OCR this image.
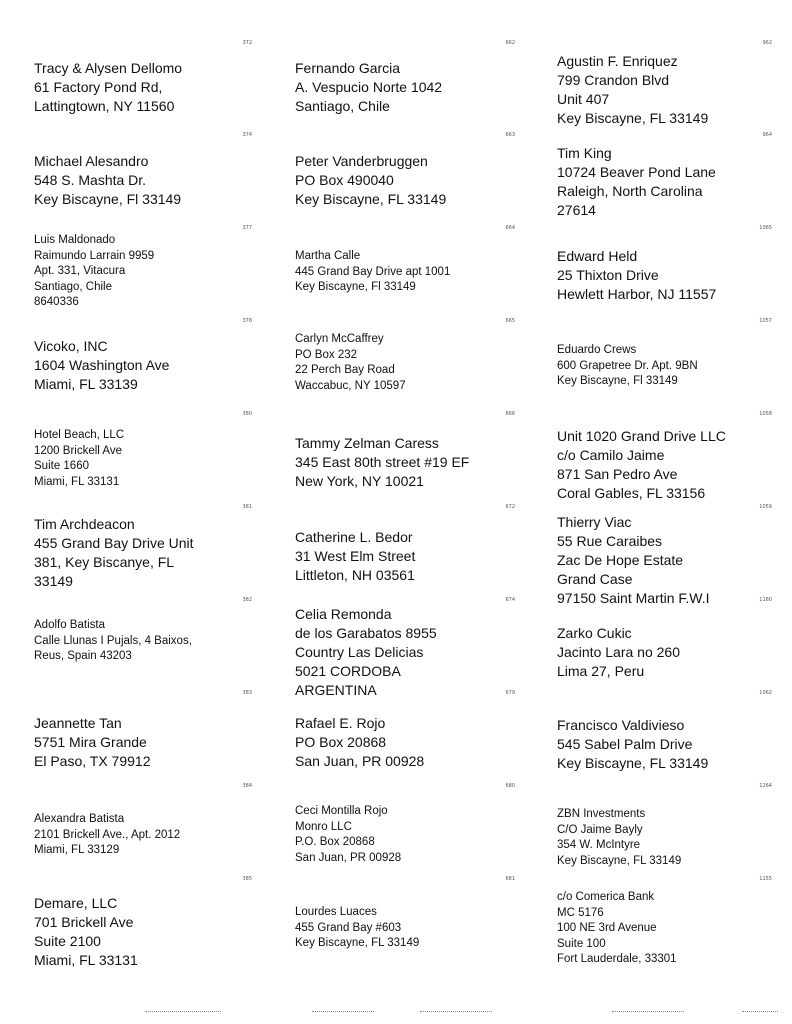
372
Tracy & Alysen Dellomo
61 Factory Pond Rd,
Lattingtown, NY 11560
374
Michael Alesandro
548 S. Mashta Dr.
Key Biscayne, Fl 33149
377
Luis Maldonado
Raimundo Larrain 9959
Apt. 331, Vitacura
Santiago, Chile
8640336
378
Vicoko, INC
1604 Washington Ave
Miami, FL 33139
380
Hotel Beach, LLC
1200 Brickell Ave
Suite 1660
Miami, FL 33131
381
Tim Archdeacon
455 Grand Bay Drive Unit
381, Key Biscanye, FL
33149
382
Adolfo Batista
Calle Llunas I Pujals, 4 Baixos,
Reus, Spain 43203
383
Jeannette Tan
5751 Mira Grande
El Paso, TX 79912
384
Alexandra Batista
2101 Brickell Ave., Apt. 2012
Miami, FL 33129
385
Demare, LLC
701 Brickell Ave
Suite 2100
Miami, FL 33131
662
Fernando Garcia
A. Vespucio Norte 1042
Santiago, Chile
663
Peter Vanderbruggen
PO Box 490040
Key Biscayne, FL 33149
664
Martha Calle
445 Grand Bay Drive apt 1001
Key Biscayne, Fl 33149
665
Carlyn McCaffrey
PO Box 232
22 Perch Bay Road
Waccabuc, NY 10597
666
Tammy Zelman Caress
345 East 80th street #19 EF
New York, NY 10021
672
Catherine L. Bedor
31 West Elm Street
Littleton, NH 03561
674
Celia Remonda
de los Garabatos 8955
Country Las Delicias
5021 CORDOBA
ARGENTINA	679
Rafael E. Rojo
PO Box 20868
San Juan, PR 00928
680
Ceci Montilla Rojo
Monro LLC
P.O. Box 20868
San Juan, PR 00928
681
Lourdes Luaces
455 Grand Bay #603
Key Biscayne, FL 33149
962
Agustin F. Enriquez
799 Crandon Blvd
Unit 407
Key Biscayne, FL 33149
964
Tim King
10724 Beaver Pond Lane
Raleigh, North Carolina
27614
1065
Edward Held
25 Thixton Drive
Hewlett Harbor, NJ 11557
1057
Eduardo Crews
600 Grapetree Dr. Apt. 9BN
Key Biscayne, Fl 33149
1058
Unit 1020 Grand Drive LLC
c/o Camilo Jaime
871 San Pedro Ave
Coral Gables, FL 33156
1059
Thierry Viac
55 Rue Caraibes
Zac De Hope Estate
Grand Case
97150 Saint Martin F.W.I	1160
Zarko Cukic
Jacinto Lara no 260
Lima 27, Peru
1062
Francisco Valdivieso
545 Sabel Palm Drive
Key Biscayne, FL 33149
1264
ZBN Investments
C/O Jaime Bayly
354 W. McIntyre
Key Biscayne, FL 33149
1155
c/o Comerica Bank
MC 5176
100 NE 3rd Avenue
Suite 100
Fort Lauderdale, 33301
